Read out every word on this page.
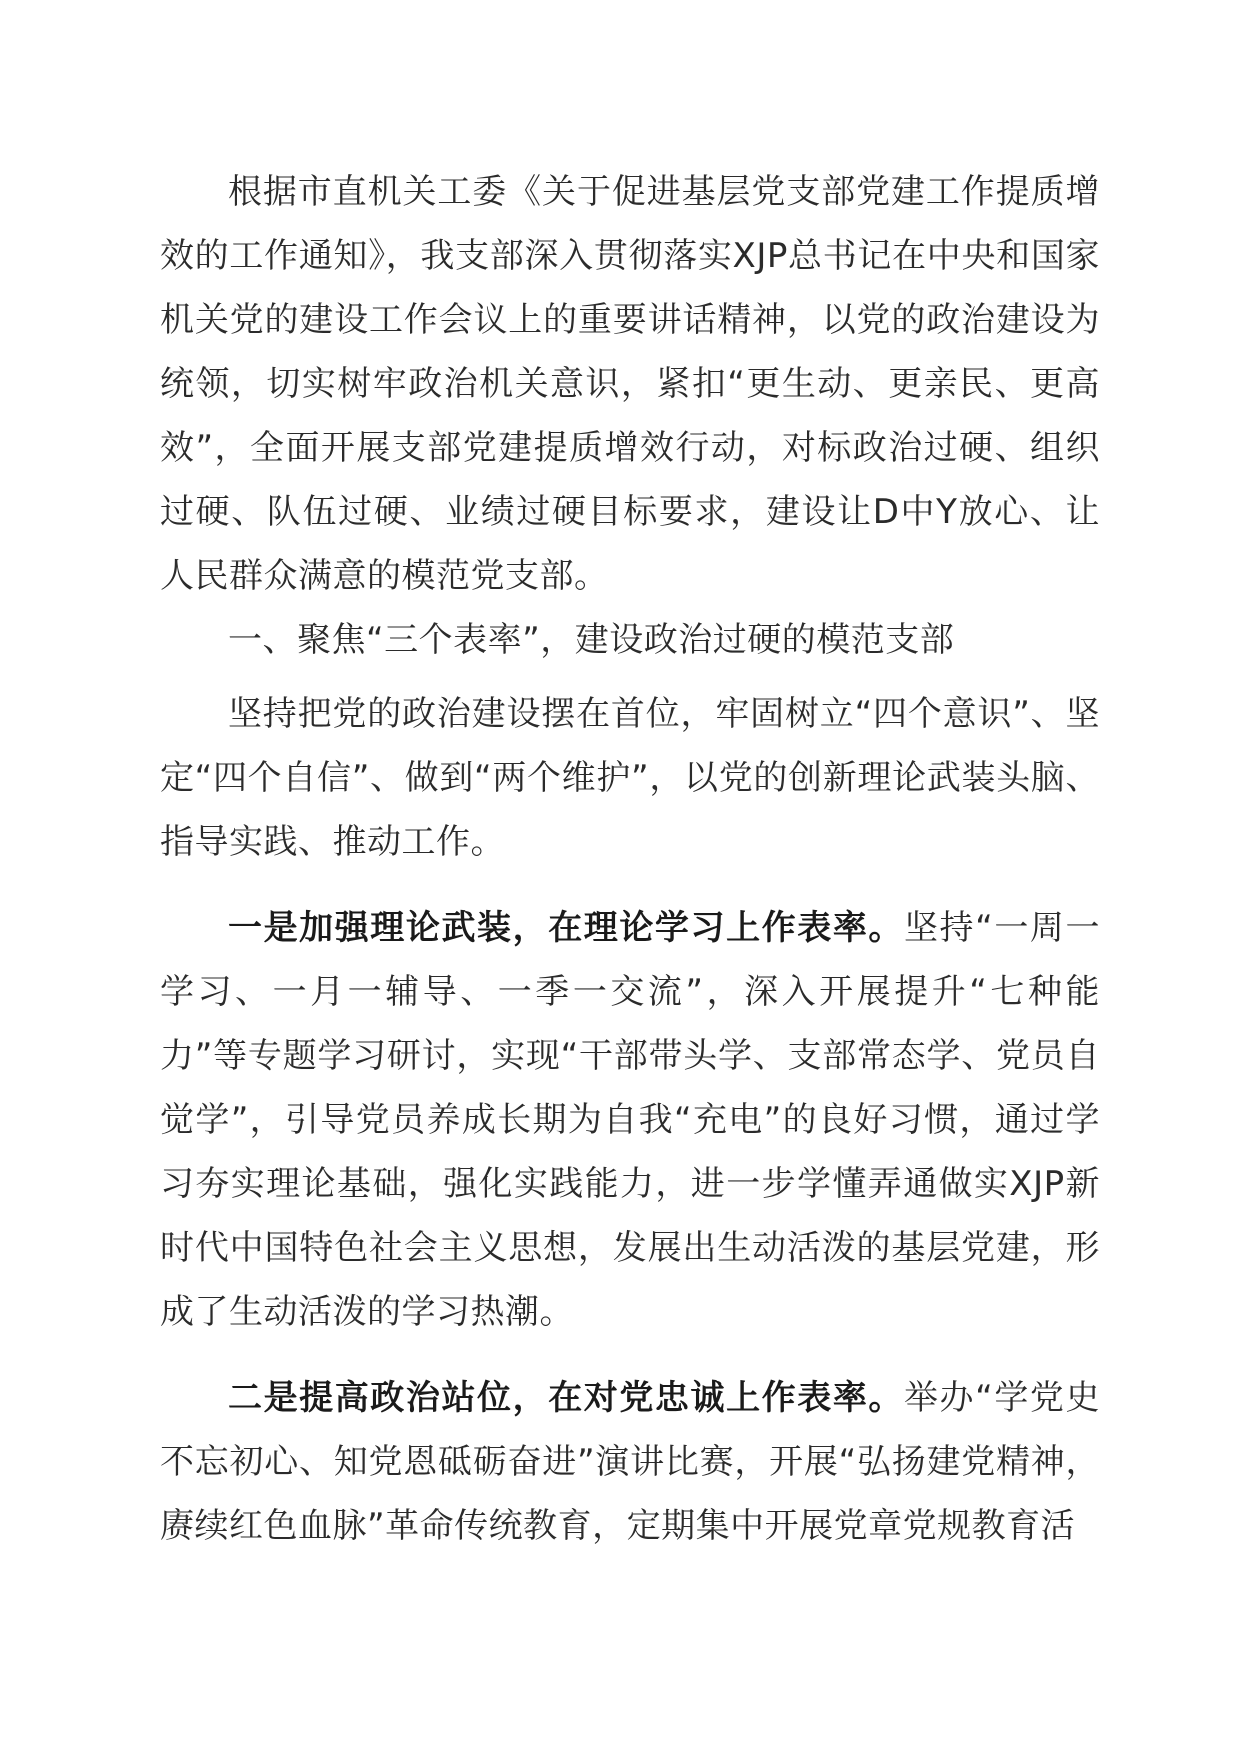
根据市直机关工委《关于促进基层党支部党建工作提质增效的工作通知》，我支部深入贯彻落实XJP总书记在中央和国家机关党的建设工作会议上的重要讲话精神，以党的政治建设为统领，切实树牢政治机关意识，紧扣“更生动、更亲民、更高效”，全面开展支部党建提质增效行动，对标政治过硬、组织过硬、队伍过硬、业绩过硬目标要求，建设让D中Y放心、让人民群众满意的模范党支部。

一、聚焦“三个表率”，建设政治过硬的模范支部

坚持把党的政治建设摆在首位，牢固树立“四个意识”、坚定“四个自信”、做到“两个维护”，以党的创新理论武装头脑、指导实践、推动工作。

一是加强理论武装，在理论学习上作表率。坚持“一周一学习、一月一辅导、一季一交流”，深入开展提升“七种能力”等专题学习研讨，实现“干部带头学、支部常态学、党员自觉学”，引导党员养成长期为自我“充电”的良好习惯，通过学习夯实理论基础，强化实践能力，进一步学懂弄通做实XJP新时代中国特色社会主义思想，发展出生动活泼的基层党建，形成了生动活泼的学习热潮。

二是提高政治站位，在对党忠诚上作表率。举办“学党史不忘初心、知党恩砥砺奋进”演讲比赛，开展“弘扬建党精神，赓续红色血脉”革命传统教育，定期集中开展党章党规教育活
